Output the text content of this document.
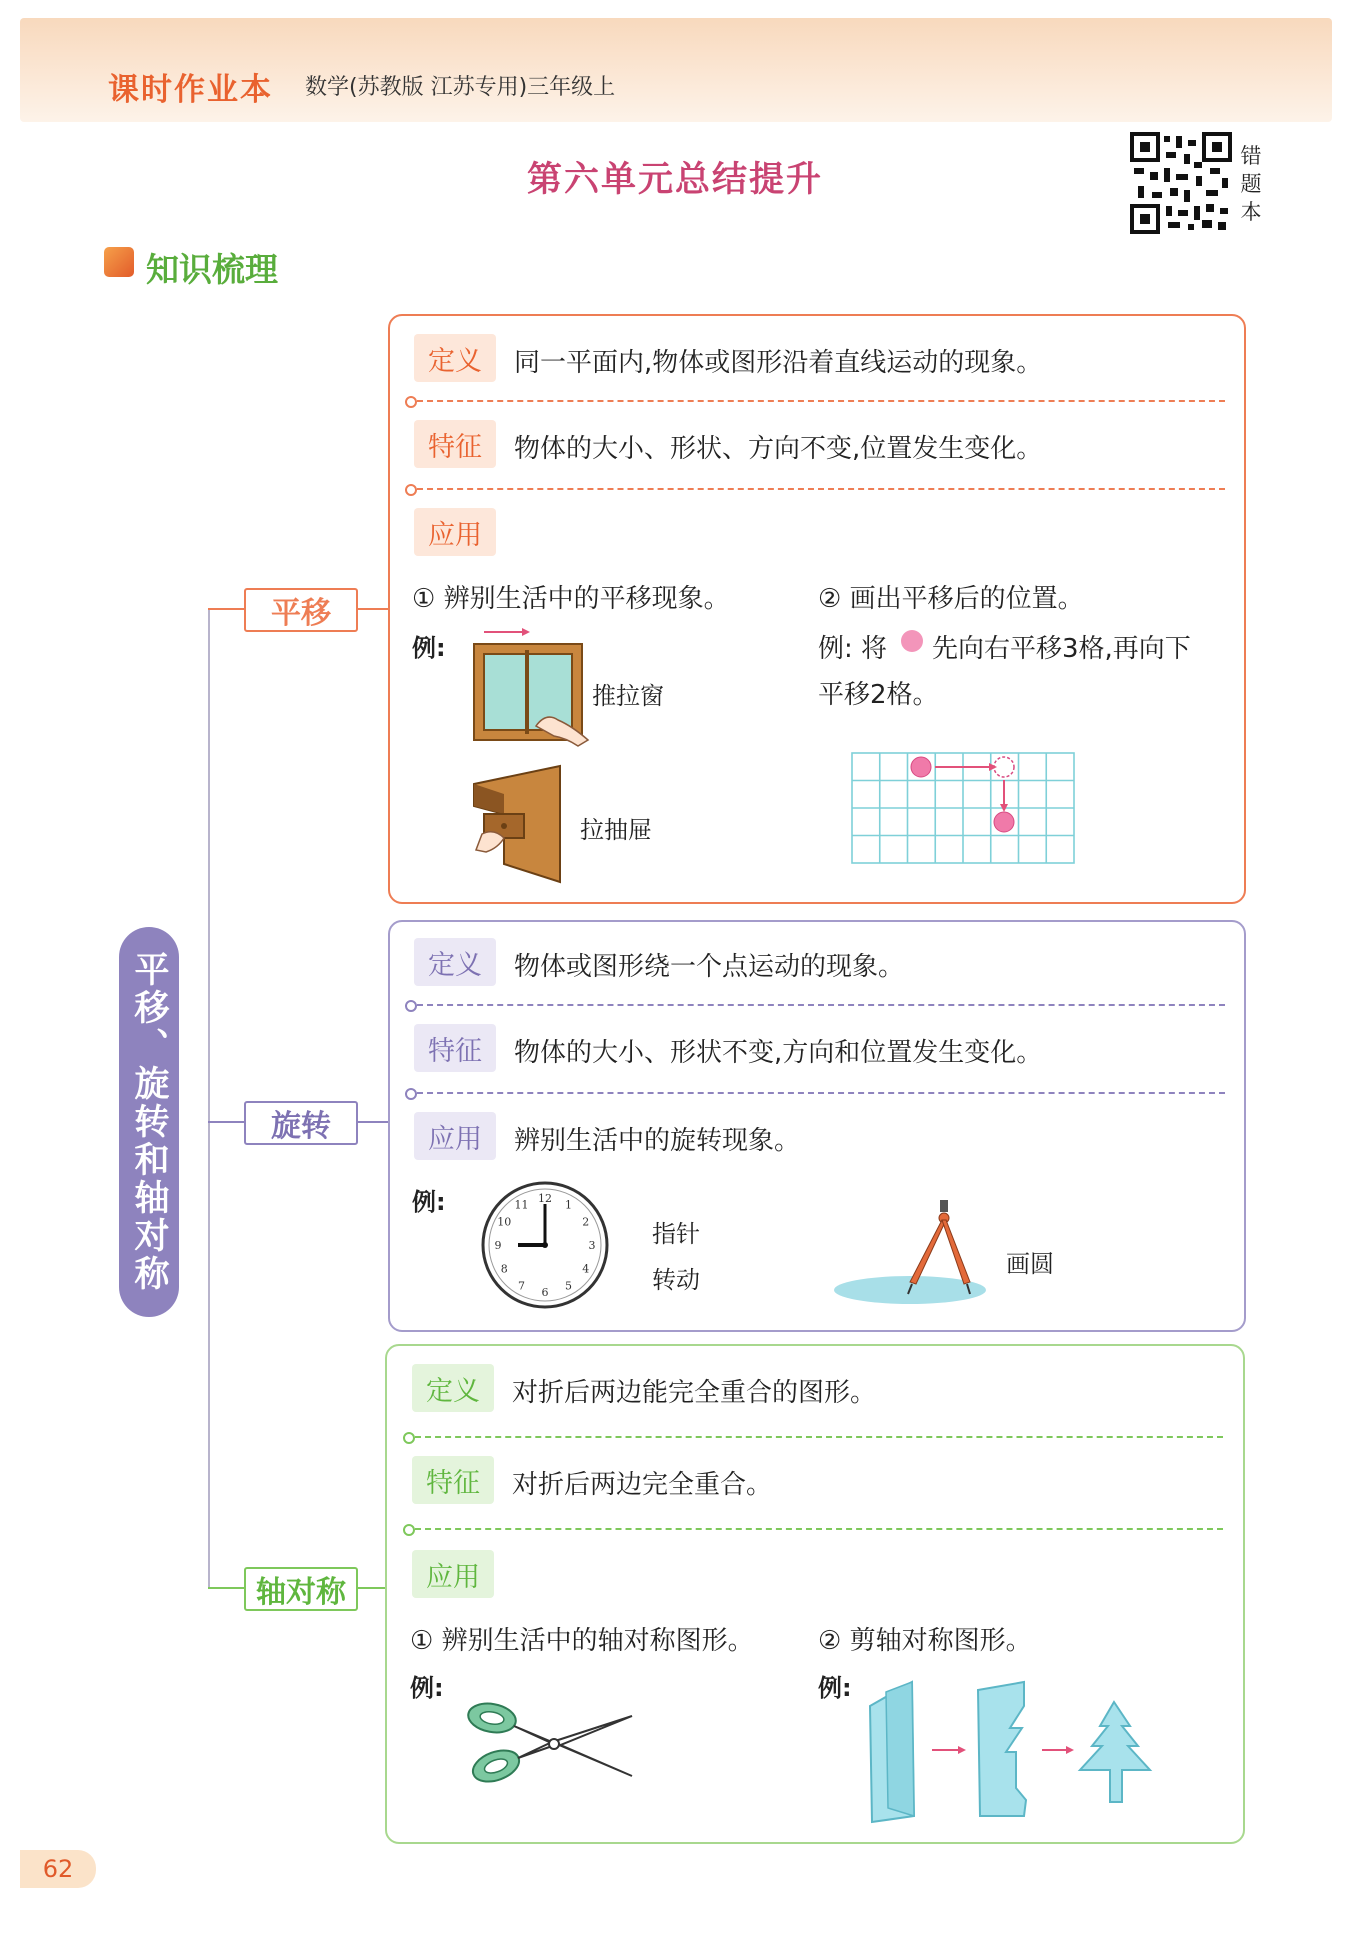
课时作业本 数学(苏教版 江苏专用)三年级上
第六单元总结提升
错题本
知识梳理
平移、旋转和轴对称
平移
旋转
轴对称
定义	同一平面内,物体或图形沿着直线运动的现象。
特征	物体的大小、形状、方向不变,位置发生变化。
应用
① 辨别生活中的平移现象。	② 画出平移后的位置。
例:
推拉窗
拉抽屉
例: 将 先向右平移3格,再向下
平移2格。
定义	物体或图形绕一个点运动的现象。
特征	物体的大小、形状不变,方向和位置发生变化。
应用	辨别生活中的旋转现象。
例:	12 1
2
3
4
5
6
7
8
9
10
11
指针
转动
画圆
定义	对折后两边能完全重合的图形。
特征	对折后两边完全重合。
应用
① 辨别生活中的轴对称图形。 ② 剪轴对称图形。
例:	例:
62
